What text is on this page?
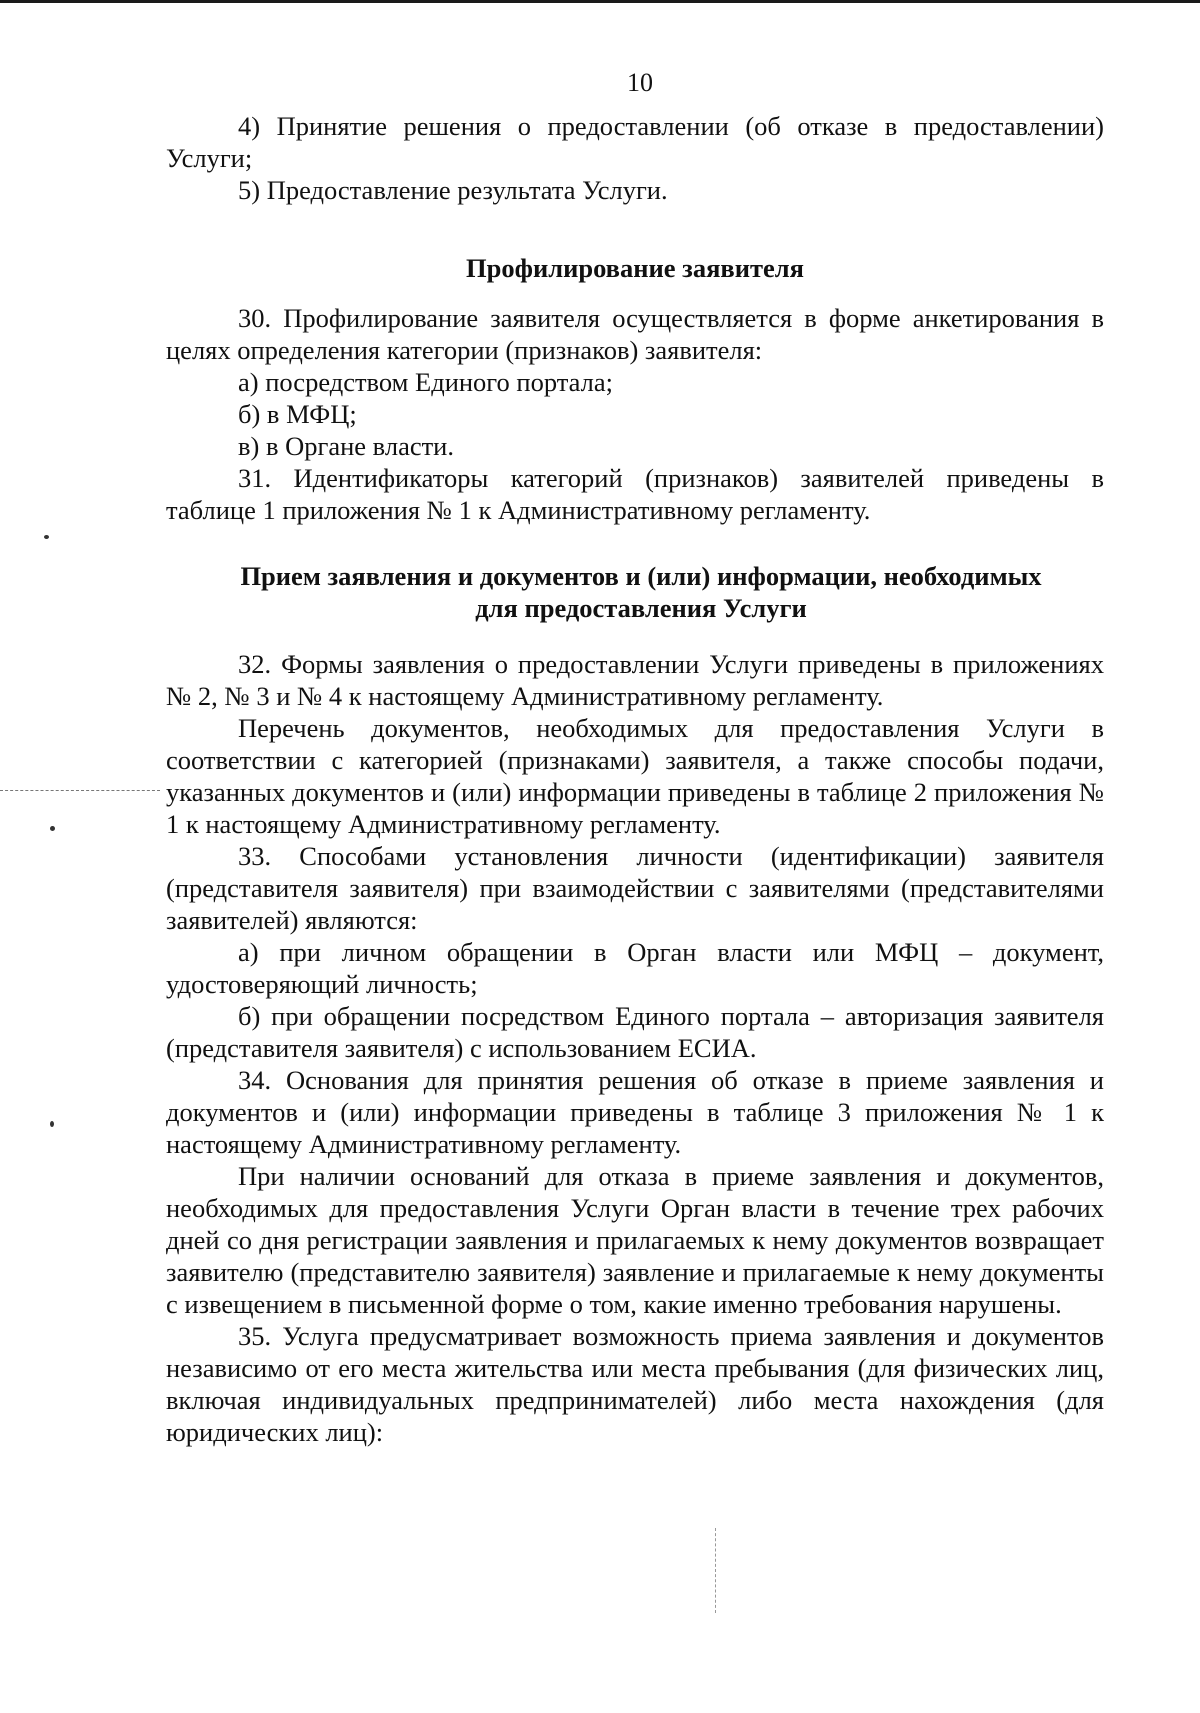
10

4) Принятие решения о предоставлении (об отказе в предоставлении) Услуги;

5) Предоставление результата Услуги.

Профилирование заявителя

30. Профилирование заявителя осуществляется в форме анкетирования в целях определения категории (признаков) заявителя:

а) посредством Единого портала;

б) в МФЦ;

в) в Органе власти.

31. Идентификаторы категорий (признаков) заявителей приведены в таблице 1 приложения № 1 к Административному регламенту.

Прием заявления и документов и (или) информации, необходимых
для предоставления Услуги

32. Формы заявления о предоставлении Услуги приведены в приложениях № 2, № 3 и № 4 к настоящему Административному регламенту.

Перечень документов, необходимых для предоставления Услуги в соответствии с категорией (признаками) заявителя, а также способы подачи, указанных документов и (или) информации приведены в таблице 2 приложения № 1 к настоящему Административному регламенту.

33. Способами установления личности (идентификации) заявителя (представителя заявителя) при взаимодействии с заявителями (представителями заявителей) являются:

а) при личном обращении в Орган власти или МФЦ – документ, удостоверяющий личность;

б) при обращении посредством Единого портала – авторизация заявителя (представителя заявителя) с использованием ЕСИА.

34. Основания для принятия решения об отказе в приеме заявления и документов и (или) информации приведены в таблице 3 приложения № 1 к настоящему Административному регламенту.

При наличии оснований для отказа в приеме заявления и документов, необходимых для предоставления Услуги Орган власти в течение трех рабочих дней со дня регистрации заявления и прилагаемых к нему документов возвращает заявителю (представителю заявителя) заявление и прилагаемые к нему документы с извещением в письменной форме о том, какие именно требования нарушены.

35. Услуга предусматривает возможность приема заявления и документов независимо от его места жительства или места пребывания (для физических лиц, включая индивидуальных предпринимателей) либо места нахождения (для юридических лиц):
